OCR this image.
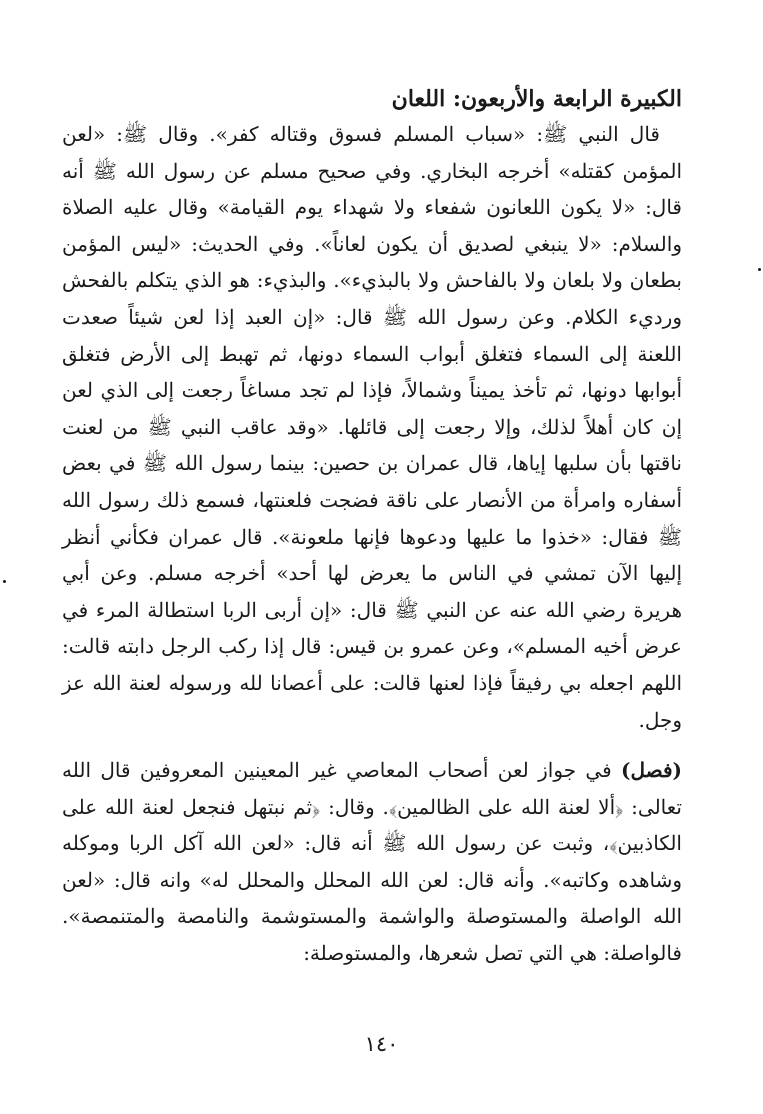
الكبيرة الرابعة والأربعون: اللعان

قال النبي ﷺ: «سباب المسلم فسوق وقتاله كفر». وقال ﷺ: «لعن المؤمن كقتله» أخرجه البخاري. وفي صحيح مسلم عن رسول الله ﷺ أنه قال: «لا يكون اللعانون شفعاء ولا شهداء يوم القيامة» وقال عليه الصلاة والسلام: «لا ينبغي لصديق أن يكون لعاناً». وفي الحديث: «ليس المؤمن بطعان ولا بلعان ولا بالفاحش ولا بالبذيء». والبذيء: هو الذي يتكلم بالفحش ورديء الكلام. وعن رسول الله ﷺ قال: «إن العبد إذا لعن شيئاً صعدت اللعنة إلى السماء فتغلق أبواب السماء دونها، ثم تهبط إلى الأرض فتغلق أبوابها دونها، ثم تأخذ يميناً وشمالاً، فإذا لم تجد مساغاً رجعت إلى الذي لعن إن كان أهلاً لذلك، وإلا رجعت إلى قائلها. «وقد عاقب النبي ﷺ من لعنت ناقتها بأن سلبها إياها، قال عمران بن حصين: بينما رسول الله ﷺ في بعض أسفاره وامرأة من الأنصار على ناقة فضجت فلعنتها، فسمع ذلك رسول الله ﷺ فقال: «خذوا ما عليها ودعوها فإنها ملعونة». قال عمران فكأني أنظر إليها الآن تمشي في الناس ما يعرض لها أحد» أخرجه مسلم. وعن أبي هريرة رضي الله عنه عن النبي ﷺ قال: «إن أربى الربا استطالة المرء في عرض أخيه المسلم»، وعن عمرو بن قيس: قال إذا ركب الرجل دابته قالت: اللهم اجعله بي رفيقاً فإذا لعنها قالت: على أعصانا لله ورسوله لعنة الله عز وجل.

(فصل) في جواز لعن أصحاب المعاصي غير المعينين المعروفين قال الله تعالى: ﴿ألا لعنة الله على الظالمين﴾. وقال: ﴿ثم نبتهل فنجعل لعنة الله على الكاذبين﴾، وثبت عن رسول الله ﷺ أنه قال: «لعن الله آكل الربا وموكله وشاهده وكاتبه». وأنه قال: لعن الله المحلل والمحلل له» وانه قال: «لعن الله الواصلة والمستوصلة والواشمة والمستوشمة والنامصة والمتنمصة». فالواصلة: هي التي تصل شعرها، والمستوصلة:

١٤٠
